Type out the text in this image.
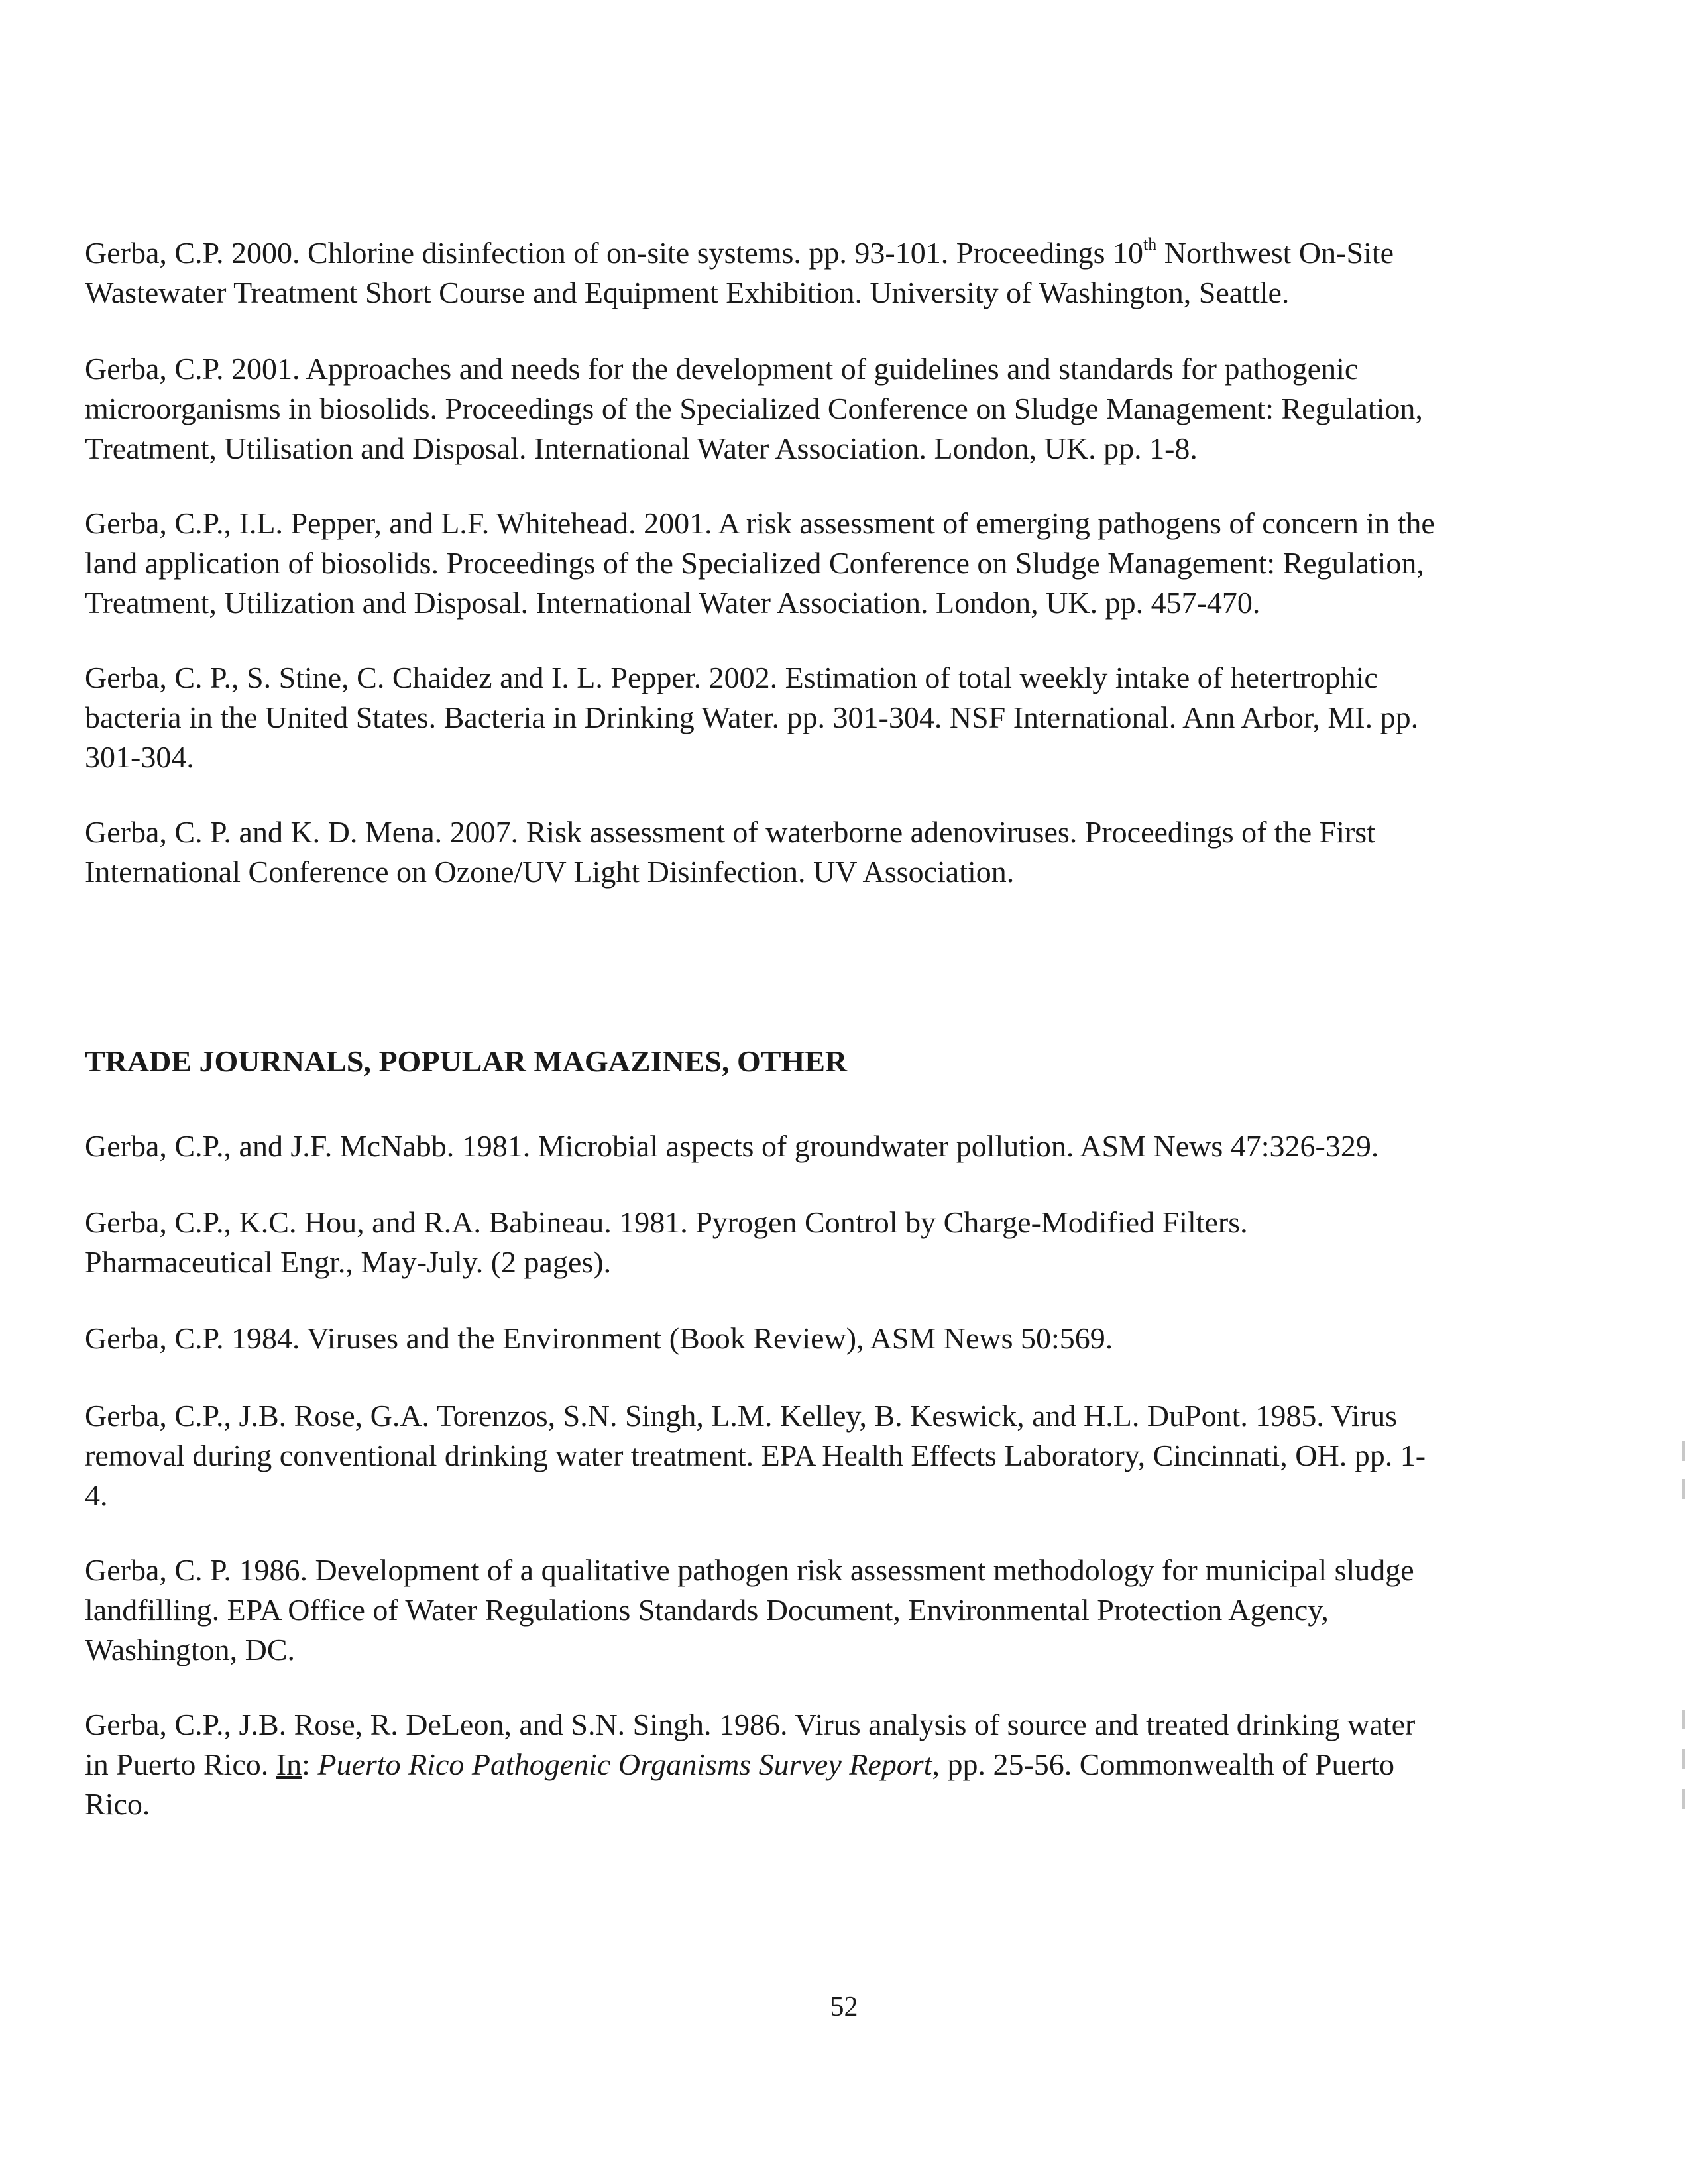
Gerba, C.P. 2000. Chlorine disinfection of on-site systems. pp. 93-101. Proceedings 10th Northwest On-Site
Wastewater Treatment Short Course and Equipment Exhibition. University of Washington, Seattle.

Gerba, C.P. 2001. Approaches and needs for the development of guidelines and standards for pathogenic
microorganisms in biosolids. Proceedings of the Specialized Conference on Sludge Management: Regulation,
Treatment, Utilisation and Disposal. International Water Association. London, UK. pp. 1-8.

Gerba, C.P., I.L. Pepper, and L.F. Whitehead. 2001. A risk assessment of emerging pathogens of concern in the
land application of biosolids. Proceedings of the Specialized Conference on Sludge Management: Regulation,
Treatment, Utilization and Disposal. International Water Association. London, UK. pp. 457-470.

Gerba, C. P., S. Stine, C. Chaidez and I. L. Pepper. 2002. Estimation of total weekly intake of hetertrophic
bacteria in the United States. Bacteria in Drinking Water. pp. 301-304. NSF International. Ann Arbor, MI. pp.
301-304.

Gerba, C. P. and K. D. Mena. 2007. Risk assessment of waterborne adenoviruses. Proceedings of the First
International Conference on Ozone/UV Light Disinfection. UV Association.

TRADE JOURNALS, POPULAR MAGAZINES, OTHER

Gerba, C.P., and J.F. McNabb. 1981. Microbial aspects of groundwater pollution. ASM News 47:326-329.

Gerba, C.P., K.C. Hou, and R.A. Babineau. 1981. Pyrogen Control by Charge-Modified Filters.
Pharmaceutical Engr., May-July. (2 pages).

Gerba, C.P. 1984. Viruses and the Environment (Book Review), ASM News 50:569.

Gerba, C.P., J.B. Rose, G.A. Torenzos, S.N. Singh, L.M. Kelley, B. Keswick, and H.L. DuPont. 1985. Virus
removal during conventional drinking water treatment. EPA Health Effects Laboratory, Cincinnati, OH. pp. 1-
4.

Gerba, C. P. 1986. Development of a qualitative pathogen risk assessment methodology for municipal sludge
landfilling. EPA Office of Water Regulations Standards Document, Environmental Protection Agency,
Washington, DC.

Gerba, C.P., J.B. Rose, R. DeLeon, and S.N. Singh. 1986. Virus analysis of source and treated drinking water
in Puerto Rico. In: Puerto Rico Pathogenic Organisms Survey Report, pp. 25-56. Commonwealth of Puerto
Rico.

52
